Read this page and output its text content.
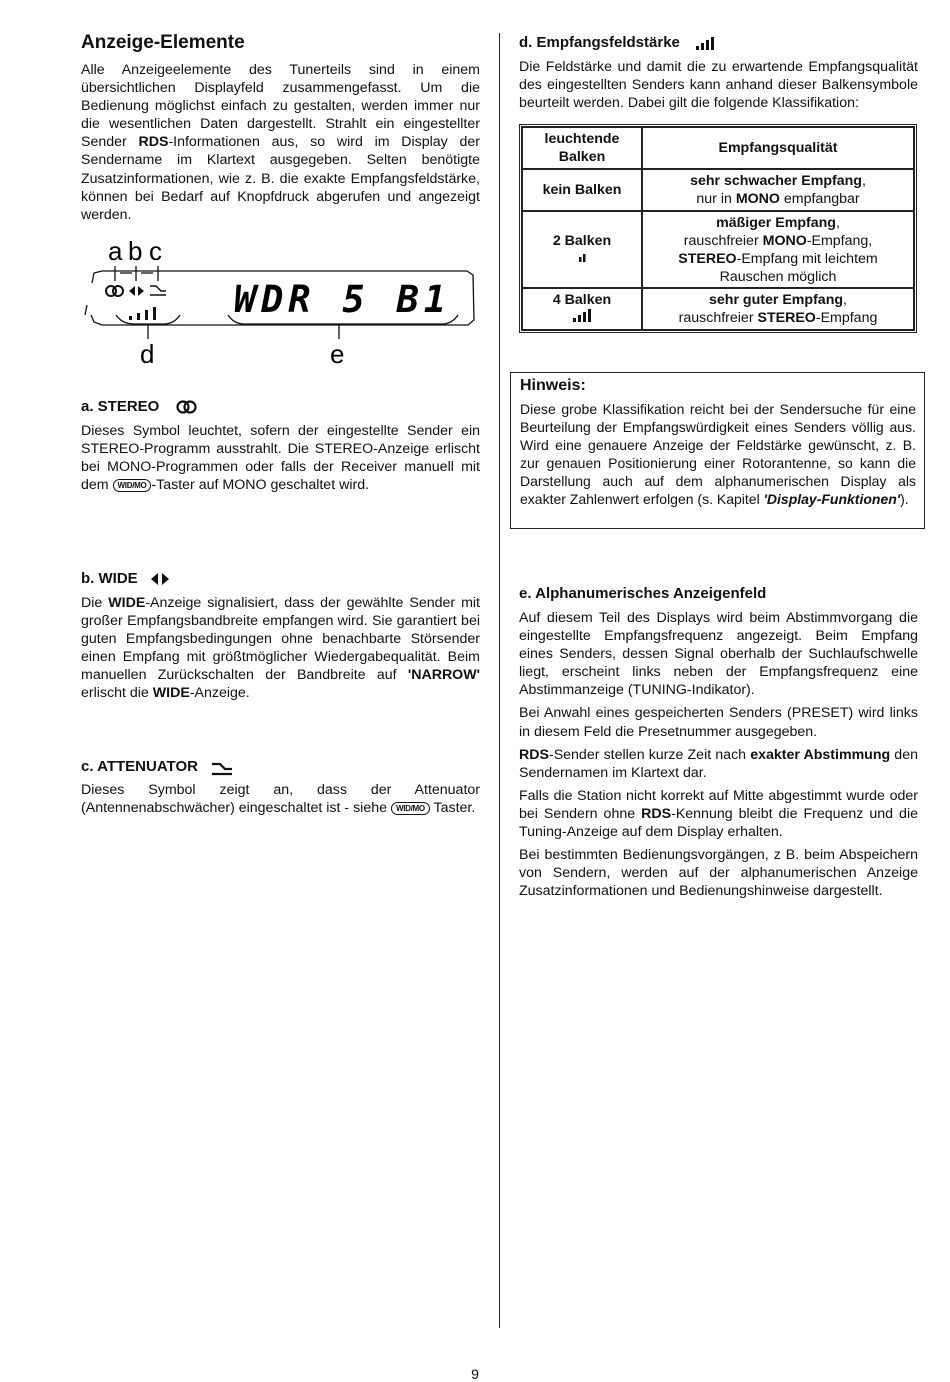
Anzeige-Elemente

Alle Anzeigeelemente des Tunerteils sind in einem übersichtlichen Displayfeld zusammengefasst. Um die Bedienung möglichst einfach zu gestalten, werden immer nur die wesentlichen Daten dargestellt. Strahlt ein eingestellter Sender RDS-Informationen aus, so wird im Display der Sendername im Klartext ausgegeben. Selten benötigte Zusatzinformationen, wie z. B. die exakte Empfangsfeldstärke, können bei Bedarf auf Knopfdruck abgerufen und angezeigt werden.

a b c
WDR 5 B1
d	e
a. STEREO

Dieses Symbol leuchtet, sofern der eingestellte Sender ein STEREO-Programm ausstrahlt. Die STEREO-Anzeige erlischt bei MONO-Programmen oder falls der Receiver manuell mit dem WID/MO -Taster auf MONO geschaltet wird.

b. WIDE

Die WIDE-Anzeige signalisiert, dass der gewählte Sender mit großer Empfangsbandbreite empfangen wird. Sie garantiert bei guten Empfangsbedingungen ohne benachbarte Störsender einen Empfang mit größtmöglicher Wiedergabequalität. Beim manuellen Zurückschalten der Bandbreite auf 'NARROW' erlischt die WIDE-Anzeige.

c. ATTENUATOR

Dieses Symbol zeigt an, dass der Attenuator (Antennenabschwächer) eingeschaltet ist - siehe WID/MO Taster.

d. Empfangsfeldstärke

Die Feldstärke und damit die zu erwartende Empfangsqualität des eingestellten Senders kann anhand dieser Balkensymbole beurteilt werden. Dabei gilt die folgende Klassifikation:

leuchtende Balken	Empfangsqualität
kein Balken	sehr schwacher Empfang,
nur in MONO empfangbar
2 Balken	mäßiger Empfang,
rauschfreier MONO-Empfang,
STEREO-Empfang mit leichtem Rauschen möglich
4 Balken	sehr guter Empfang,
rauschfreier STEREO-Empfang
Hinweis:

Diese grobe Klassifikation reicht bei der Sendersuche für eine Beurteilung der Empfangswürdigkeit eines Senders völlig aus. Wird eine genauere Anzeige der Feldstärke gewünscht, z. B. zur genauen Positionierung einer Rotorantenne, so kann die Darstellung auch auf dem alphanumerischen Display als exakter Zahlenwert erfolgen (s. Kapitel 'Display-Funktionen').

e. Alphanumerisches Anzeigenfeld

Auf diesem Teil des Displays wird beim Abstimmvorgang die eingestellte Empfangsfrequenz angezeigt. Beim Empfang eines Senders, dessen Signal oberhalb der Suchlaufschwelle liegt, erscheint links neben der Empfangsfrequenz eine Abstimmanzeige (TUNING-Indikator).

Bei Anwahl eines gespeicherten Senders (PRESET) wird links in diesem Feld die Presetnummer ausgegeben.

RDS-Sender stellen kurze Zeit nach exakter Abstimmung den Sendernamen im Klartext dar.

Falls die Station nicht korrekt auf Mitte abgestimmt wurde oder bei Sendern ohne RDS-Kennung bleibt die Frequenz und die Tuning-Anzeige auf dem Display erhalten.

Bei bestimmten Bedienungsvorgängen, z B. beim Abspeichern von Sendern, werden auf der alphanumerischen Anzeige Zusatzinformationen und Bedienungshinweise dargestellt.

9
